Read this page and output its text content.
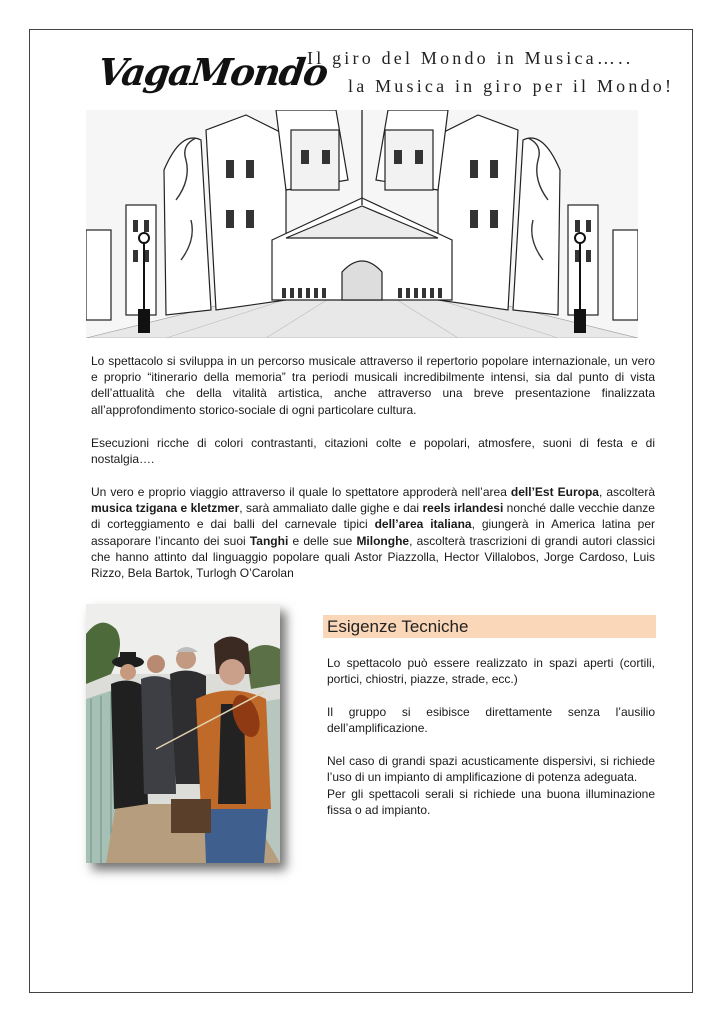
VagaMondo
Il giro del Mondo in Musica…..
la Musica in giro per il Mondo!

Lo spettacolo si sviluppa in un percorso musicale attraverso il repertorio popolare internazionale, un vero e proprio “itinerario della memoria” tra periodi musicali incredibilmente intensi, sia dal punto di vista dell’attualità che della vitalità artistica, anche attraverso una breve presentazione finalizzata all’approfondimento storico-sociale di ogni particolare cultura.

Esecuzioni ricche di colori contrastanti, citazioni colte e popolari, atmosfere, suoni di festa e di nostalgia….

Un vero e proprio viaggio attraverso il quale lo spettatore approderà nell’area dell’Est Europa, ascolterà musica tzigana e kletzmer, sarà ammaliato dalle gighe e dai reels irlandesi nonché dalle vecchie danze di corteggiamento e dai balli del carnevale tipici dell’area italiana, giungerà in America latina per assaporare l’incanto dei suoi Tanghi e delle sue Milonghe, ascolterà trascrizioni di grandi autori classici che hanno attinto dal linguaggio popolare quali Astor Piazzolla, Hector Villalobos, Jorge Cardoso, Luis Rizzo, Bela Bartok, Turlogh O’Carolan

Esigenze Tecniche

Lo spettacolo può essere realizzato in spazi aperti (cortili, portici, chiostri, piazze, strade, ecc.)

Il gruppo si esibisce direttamente senza l’ausilio dell’amplificazione.

Nel caso di grandi spazi acusticamente dispersivi, si richiede l’uso di un impianto di amplificazione di potenza adeguata.

Per gli spettacoli serali si richiede una buona illuminazione fissa o ad impianto.
